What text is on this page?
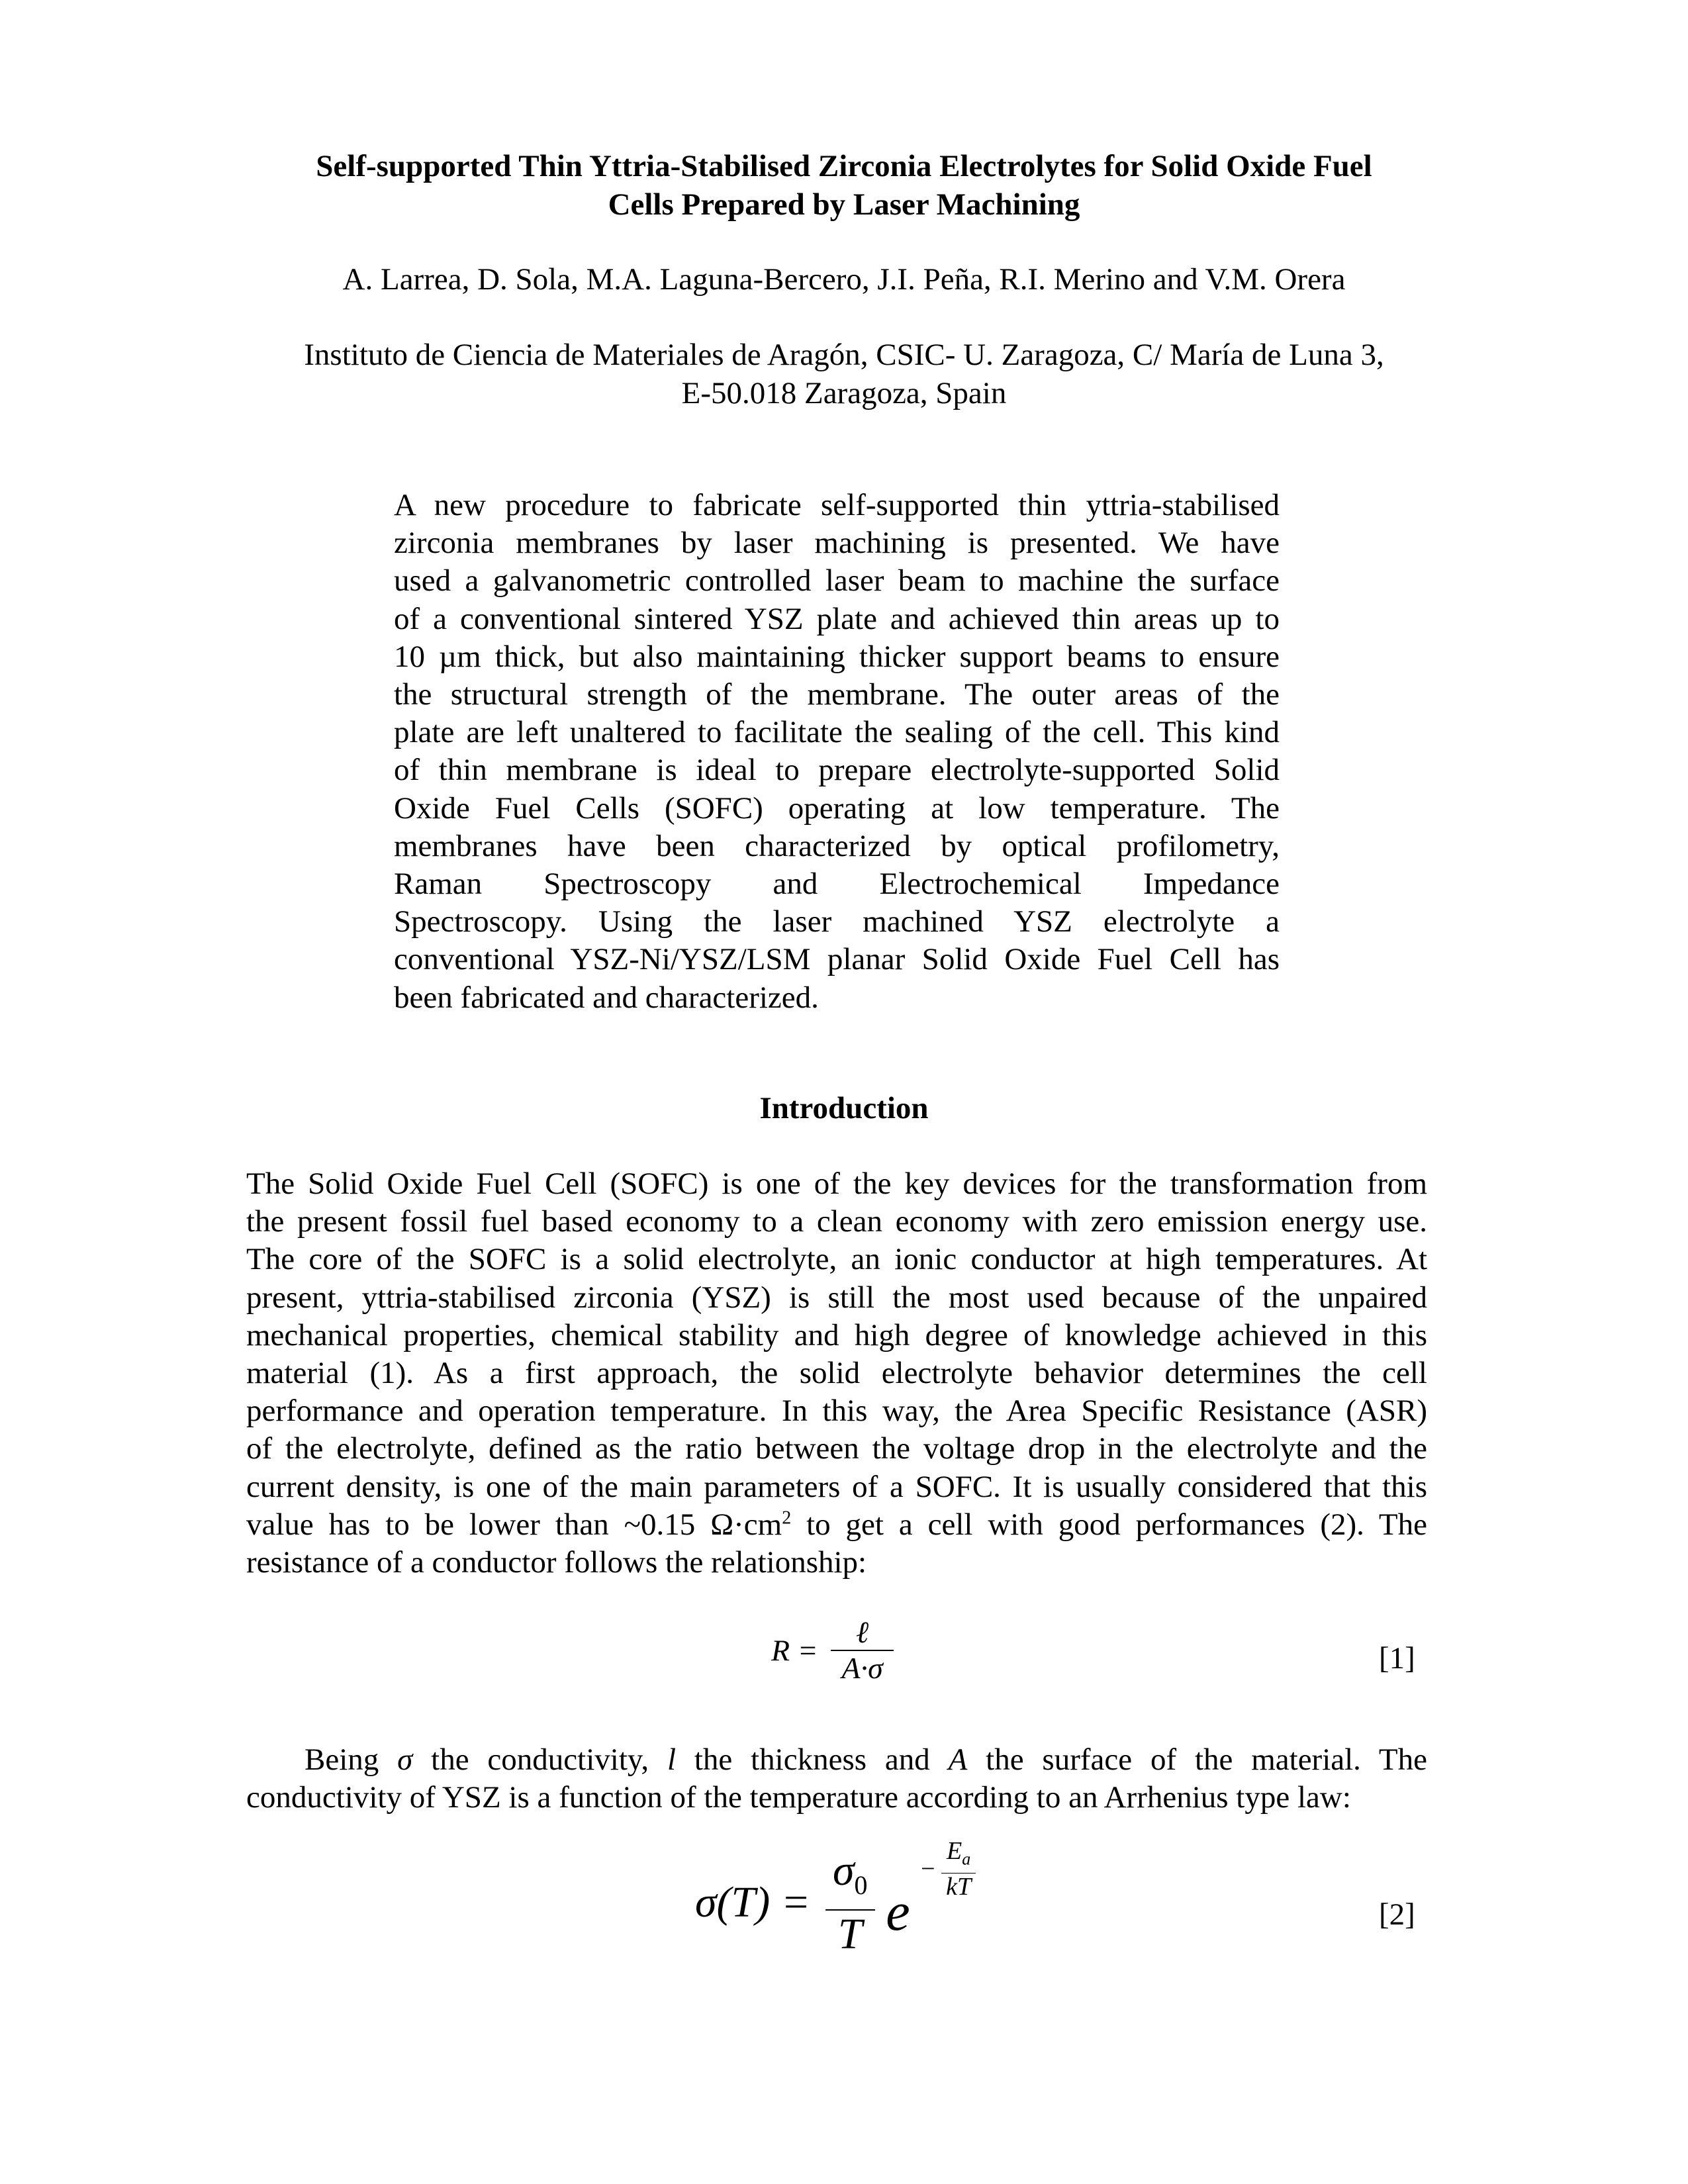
Self-supported Thin Yttria-Stabilised Zirconia Electrolytes for Solid Oxide Fuel
Cells Prepared by Laser Machining
A. Larrea, D. Sola, M.A. Laguna-Bercero, J.I. Peña, R.I. Merino and V.M. Orera
Instituto de Ciencia de Materiales de Aragón, CSIC- U. Zaragoza, C/ María de Luna 3,
E-50.018 Zaragoza, Spain
A new procedure to fabricate self-supported thin yttria-stabilised
zirconia membranes by laser machining is presented. We have
used a galvanometric controlled laser beam to machine the surface
of a conventional sintered YSZ plate and achieved thin areas up to
10 µm thick, but also maintaining thicker support beams to ensure
the structural strength of the membrane. The outer areas of the
plate are left unaltered to facilitate the sealing of the cell. This kind
of thin membrane is ideal to prepare electrolyte-supported Solid
Oxide Fuel Cells (SOFC) operating at low temperature. The
membranes have been characterized by optical profilometry,
Raman Spectroscopy and Electrochemical Impedance
Spectroscopy. Using the laser machined YSZ electrolyte a
conventional YSZ-Ni/YSZ/LSM planar Solid Oxide Fuel Cell has
been fabricated and characterized.
Introduction
The Solid Oxide Fuel Cell (SOFC) is one of the key devices for the transformation from
the present fossil fuel based economy to a clean economy with zero emission energy use.
The core of the SOFC is a solid electrolyte, an ionic conductor at high temperatures. At
present, yttria-stabilised zirconia (YSZ) is still the most used because of the unpaired
mechanical properties, chemical stability and high degree of knowledge achieved in this
material (1). As a first approach, the solid electrolyte behavior determines the cell
performance and operation temperature. In this way, the Area Specific Resistance (ASR)
of the electrolyte, defined as the ratio between the voltage drop in the electrolyte and the
current density, is one of the main parameters of a SOFC. It is usually considered that this
value has to be lower than ~0.15 $\Omega\cdot cm^2$ to get a cell with good performances (2). The
resistance of a conductor follows the relationship:
$R = \frac{\text{ℓ}}{A\cdot\sigma}$	[1]
Being σ the conductivity, l the thickness and A the surface of the material. The
conductivity of YSZ is a function of the temperature according to an Arrhenius type law:
$\sigma(T) = \frac{\sigma_0}{T}$ $e - \frac{E_a}{kT}$
[2]
